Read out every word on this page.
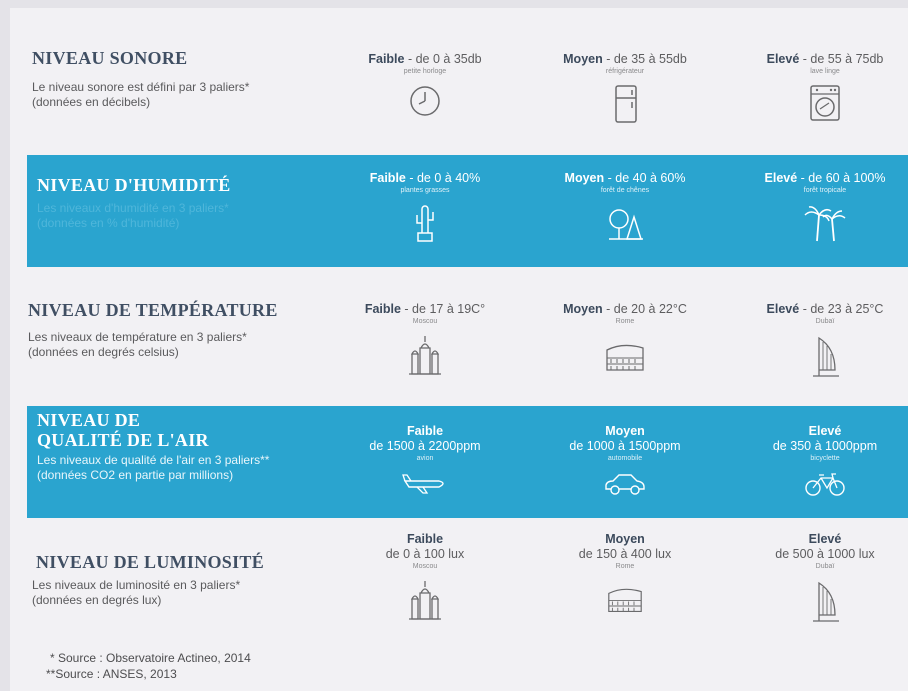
NIVEAU SONORE
Le niveau sonore est défini par 3 paliers*
(données en décibels)
Faible - de 0 à 35db
petite horloge
Moyen - de 35 à 55db
réfrigérateur
Elevé - de 55 à 75db
lave linge
NIVEAU D'HUMIDITÉ
Les niveaux d'humidité en 3 paliers*
(données en % d'humidité)
Faible - de 0 à 40%
plantes grasses
Moyen - de 40 à 60%
forêt de chênes
Elevé - de 60 à 100%
forêt tropicale
NIVEAU DE TEMPÉRATURE
Les niveaux de température en 3 paliers*
(données en degrés celsius)
Faible - de 17 à 19C°
Moscou
Moyen - de 20 à 22°C
Rome
Elevé - de 23 à 25°C
Dubaï
NIVEAU DE
QUALITÉ DE L'AIR
Les niveaux de qualité de l'air en 3 paliers**
(données CO2 en partie par millions)
Faible
de 1500 à 2200ppm
avion
Moyen
de 1000 à 1500ppm
automobile
Elevé
de 350 à 1000ppm
bicyclette
NIVEAU DE LUMINOSITÉ
Les niveaux de luminosité en 3 paliers*
(données en degrés lux)
Faible
de 0 à 100 lux
Moscou
Moyen
de 150 à 400 lux
Rome
Elevé
de 500 à 1000 lux
Dubaï
* Source : Observatoire Actineo, 2014
**Source : ANSES, 2013
